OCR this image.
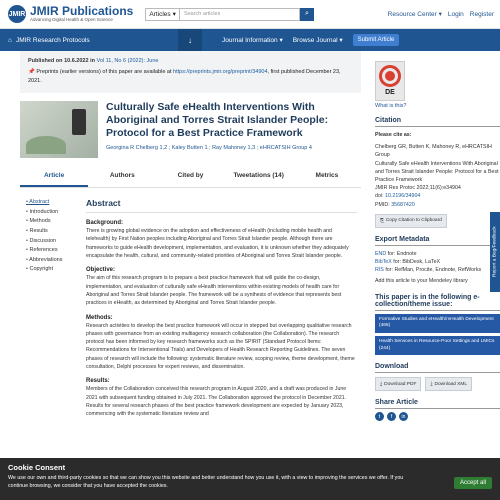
JMIR JMIR Publications
Advancing Digital Health & Open Science
Articles ▾	Search articles	⌕	Resource Center ▾ Login Register
⌂ JMIR Research Protocols	↓	Journal Information ▾ Browse Journal ▾	Submit Article
Published on 10.6.2022 in Vol 11, No 6 (2022): June
📌 Preprints (earlier versions) of this paper are available at https://preprints.jmir.org/preprint/34904, first published December 23, 2021.
Culturally Safe eHealth Interventions With Aboriginal and Torres Strait Islander People: Protocol for a Best Practice Framework
Georgina R Chelberg 1,2 ; Kaley Butten 1 ; Ray Mahoney 1,3 ; eHRCATSIH Group 4
Article	Authors	Cited by	Tweetations (14)	Metrics
• Abstract
• Introduction
• Methods
• Results
• Discussion
• References
• Abbreviations
• Copyright
Abstract
Background:
There is growing global evidence on the adoption and effectiveness of eHealth (including mobile health and telehealth) by First Nation peoples including Aboriginal and Torres Strait Islander people. Although there are frameworks to guide eHealth development, implementation, and evaluation, it is unknown whether they adequately encapsulate the health, cultural, and community-related priorities of Aboriginal and Torres Strait Islander people.
Objective:
The aim of this research program is to prepare a best practice framework that will guide the co-design, implementation, and evaluation of culturally safe eHealth interventions within existing models of health care for Aboriginal and Torres Strait Islander people. The framework will be a synthesis of evidence that represents best practices in eHealth, as determined by Aboriginal and Torres Strait Islander people.
Methods:
Research activities to develop the best practice framework will occur in stepped but overlapping qualitative research phases with governance from an existing multiagency research collaboration (the Collaboration). The research protocol has been informed by key research frameworks such as the SPIRIT (Standard Protocol Items: Recommendations for Interventional Trials) and Developers of Health Research Reporting Guidelines. The seven phases of research will include the following: systematic literature review, scoping review, theme development, theme consultation, Delphi processes for expert reviews, and dissemination.
Results:
Members of the Collaboration conceived this research program in August 2020, and a draft was produced in June 2021 with subsequent funding obtained in July 2021. The Collaboration approved the protocol in December 2021. Results for several research phases of the best practice framework development are expected by January 2023, commencing with the systematic literature review and
DE
What is this?
Citation
Please cite as:
Chelberg GR, Butten K, Mahoney R, eHRCATSIH Group
Culturally Safe eHealth Interventions With Aboriginal and Torres Strait Islander People: Protocol for a Best Practice Framework
JMIR Res Protoc 2022;11(6):e34904
doi: 10.2196/34904
PMID: 35687420
⎘ Copy Citation to Clipboard
Export Metadata
END for: Endnote
BibTeX for: BibDesk, LaTeX
RIS for: RefMan, Procite, Endnote, RefWorks
Add this article to your Mendeley library
This paper is in the following e-collection/theme issue:
Formative Studies and eHealth/mHealth Development (465)
Health Services in Resource-Poor Settings and LMICs (244)
Download
⤓ Download PDF	⤓ Download XML
Share Article
t	f	in
Report a Bug/Feedback
Cookie Consent
We use our own and third-party cookies so that we can show you this website and better understand how you use it, with a view to improving the services we offer. If you continue browsing, we consider that you have accepted the cookies.	Accept all
